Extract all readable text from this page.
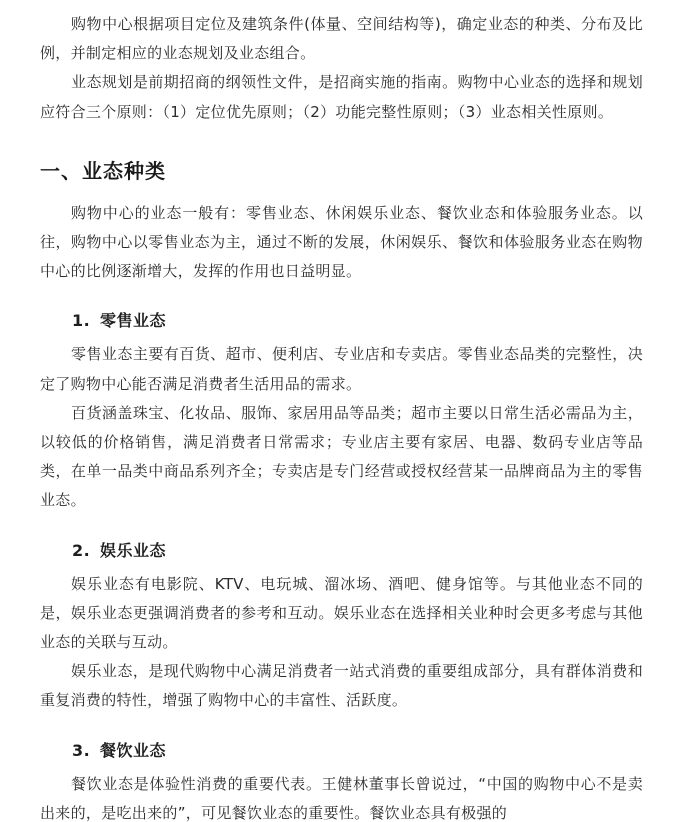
购物中心根据项目定位及建筑条件(体量、空间结构等)，确定业态的种类、分布及比例，并制定相应的业态规划及业态组合。

业态规划是前期招商的纲领性文件，是招商实施的指南。购物中心业态的选择和规划应符合三个原则：（1）定位优先原则；（2）功能完整性原则；（3）业态相关性原则。

一、业态种类

购物中心的业态一般有：零售业态、休闲娱乐业态、餐饮业态和体验服务业态。以往，购物中心以零售业态为主，通过不断的发展，休闲娱乐、餐饮和体验服务业态在购物中心的比例逐渐增大，发挥的作用也日益明显。

1. 零售业态

零售业态主要有百货、超市、便利店、专业店和专卖店。零售业态品类的完整性，决定了购物中心能否满足消费者生活用品的需求。

百货涵盖珠宝、化妆品、服饰、家居用品等品类；超市主要以日常生活必需品为主，以较低的价格销售，满足消费者日常需求；专业店主要有家居、电器、数码专业店等品类，在单一品类中商品系列齐全；专卖店是专门经营或授权经营某一品牌商品为主的零售业态。

2. 娱乐业态

娱乐业态有电影院、KTV、电玩城、溜冰场、酒吧、健身馆等。与其他业态不同的是，娱乐业态更强调消费者的参考和互动。娱乐业态在选择相关业种时会更多考虑与其他业态的关联与互动。

娱乐业态，是现代购物中心满足消费者一站式消费的重要组成部分，具有群体消费和重复消费的特性，增强了购物中心的丰富性、活跃度。

3. 餐饮业态

餐饮业态是体验性消费的重要代表。王健林董事长曾说过，“中国的购物中心不是卖出来的，是吃出来的”，可见餐饮业态的重要性。餐饮业态具有极强的
